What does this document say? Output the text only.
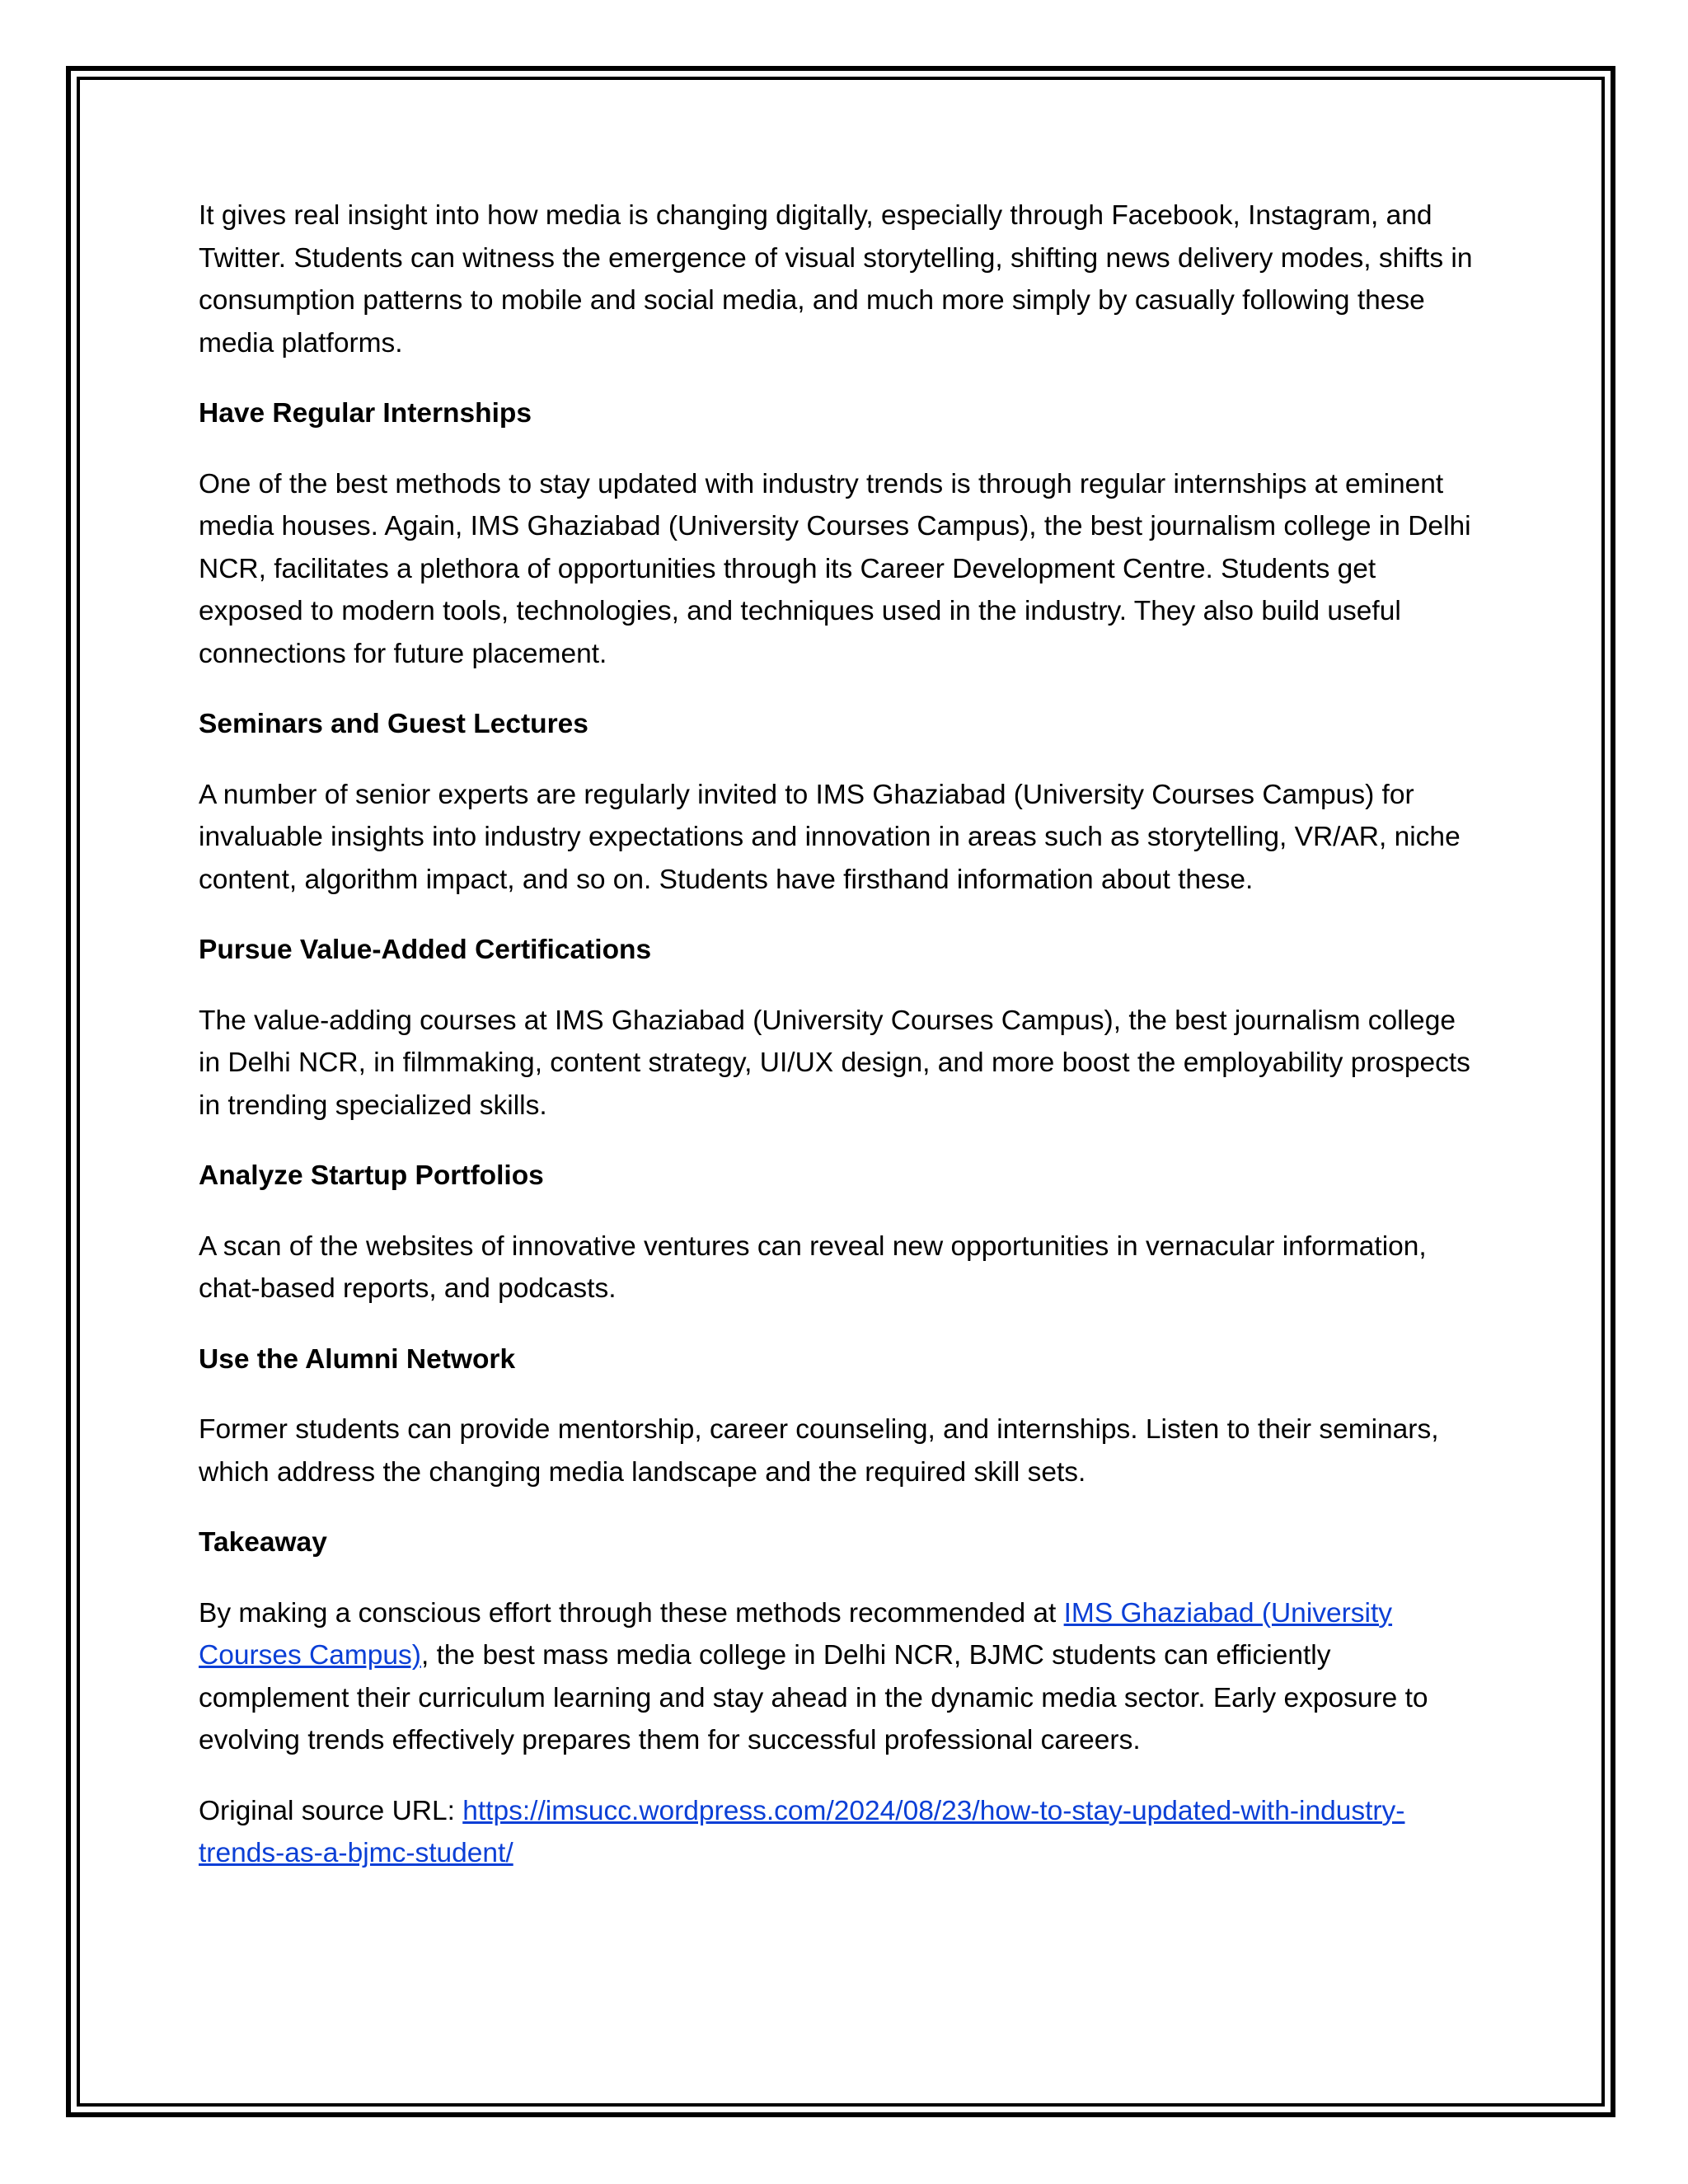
It gives real insight into how media is changing digitally, especially through Facebook, Instagram, and Twitter. Students can witness the emergence of visual storytelling, shifting news delivery modes, shifts in consumption patterns to mobile and social media, and much more simply by casually following these media platforms.

Have Regular Internships

One of the best methods to stay updated with industry trends is through regular internships at eminent media houses. Again, IMS Ghaziabad (University Courses Campus), the best journalism college in Delhi NCR, facilitates a plethora of opportunities through its Career Development Centre. Students get exposed to modern tools, technologies, and techniques used in the industry. They also build useful connections for future placement.

Seminars and Guest Lectures

A number of senior experts are regularly invited to IMS Ghaziabad (University Courses Campus) for invaluable insights into industry expectations and innovation in areas such as storytelling, VR/AR, niche content, algorithm impact, and so on. Students have firsthand information about these.

Pursue Value-Added Certifications

The value-adding courses at IMS Ghaziabad (University Courses Campus), the best journalism college in Delhi NCR, in filmmaking, content strategy, UI/UX design, and more boost the employability prospects in trending specialized skills.

Analyze Startup Portfolios

A scan of the websites of innovative ventures can reveal new opportunities in vernacular information, chat-based reports, and podcasts.

Use the Alumni Network

Former students can provide mentorship, career counseling, and internships. Listen to their seminars, which address the changing media landscape and the required skill sets.

Takeaway

By making a conscious effort through these methods recommended at IMS Ghaziabad (University Courses Campus), the best mass media college in Delhi NCR, BJMC students can efficiently complement their curriculum learning and stay ahead in the dynamic media sector. Early exposure to evolving trends effectively prepares them for successful professional careers.

Original source URL: https://imsucc.wordpress.com/2024/08/23/how-to-stay-updated-with-industry-trends-as-a-bjmc-student/
